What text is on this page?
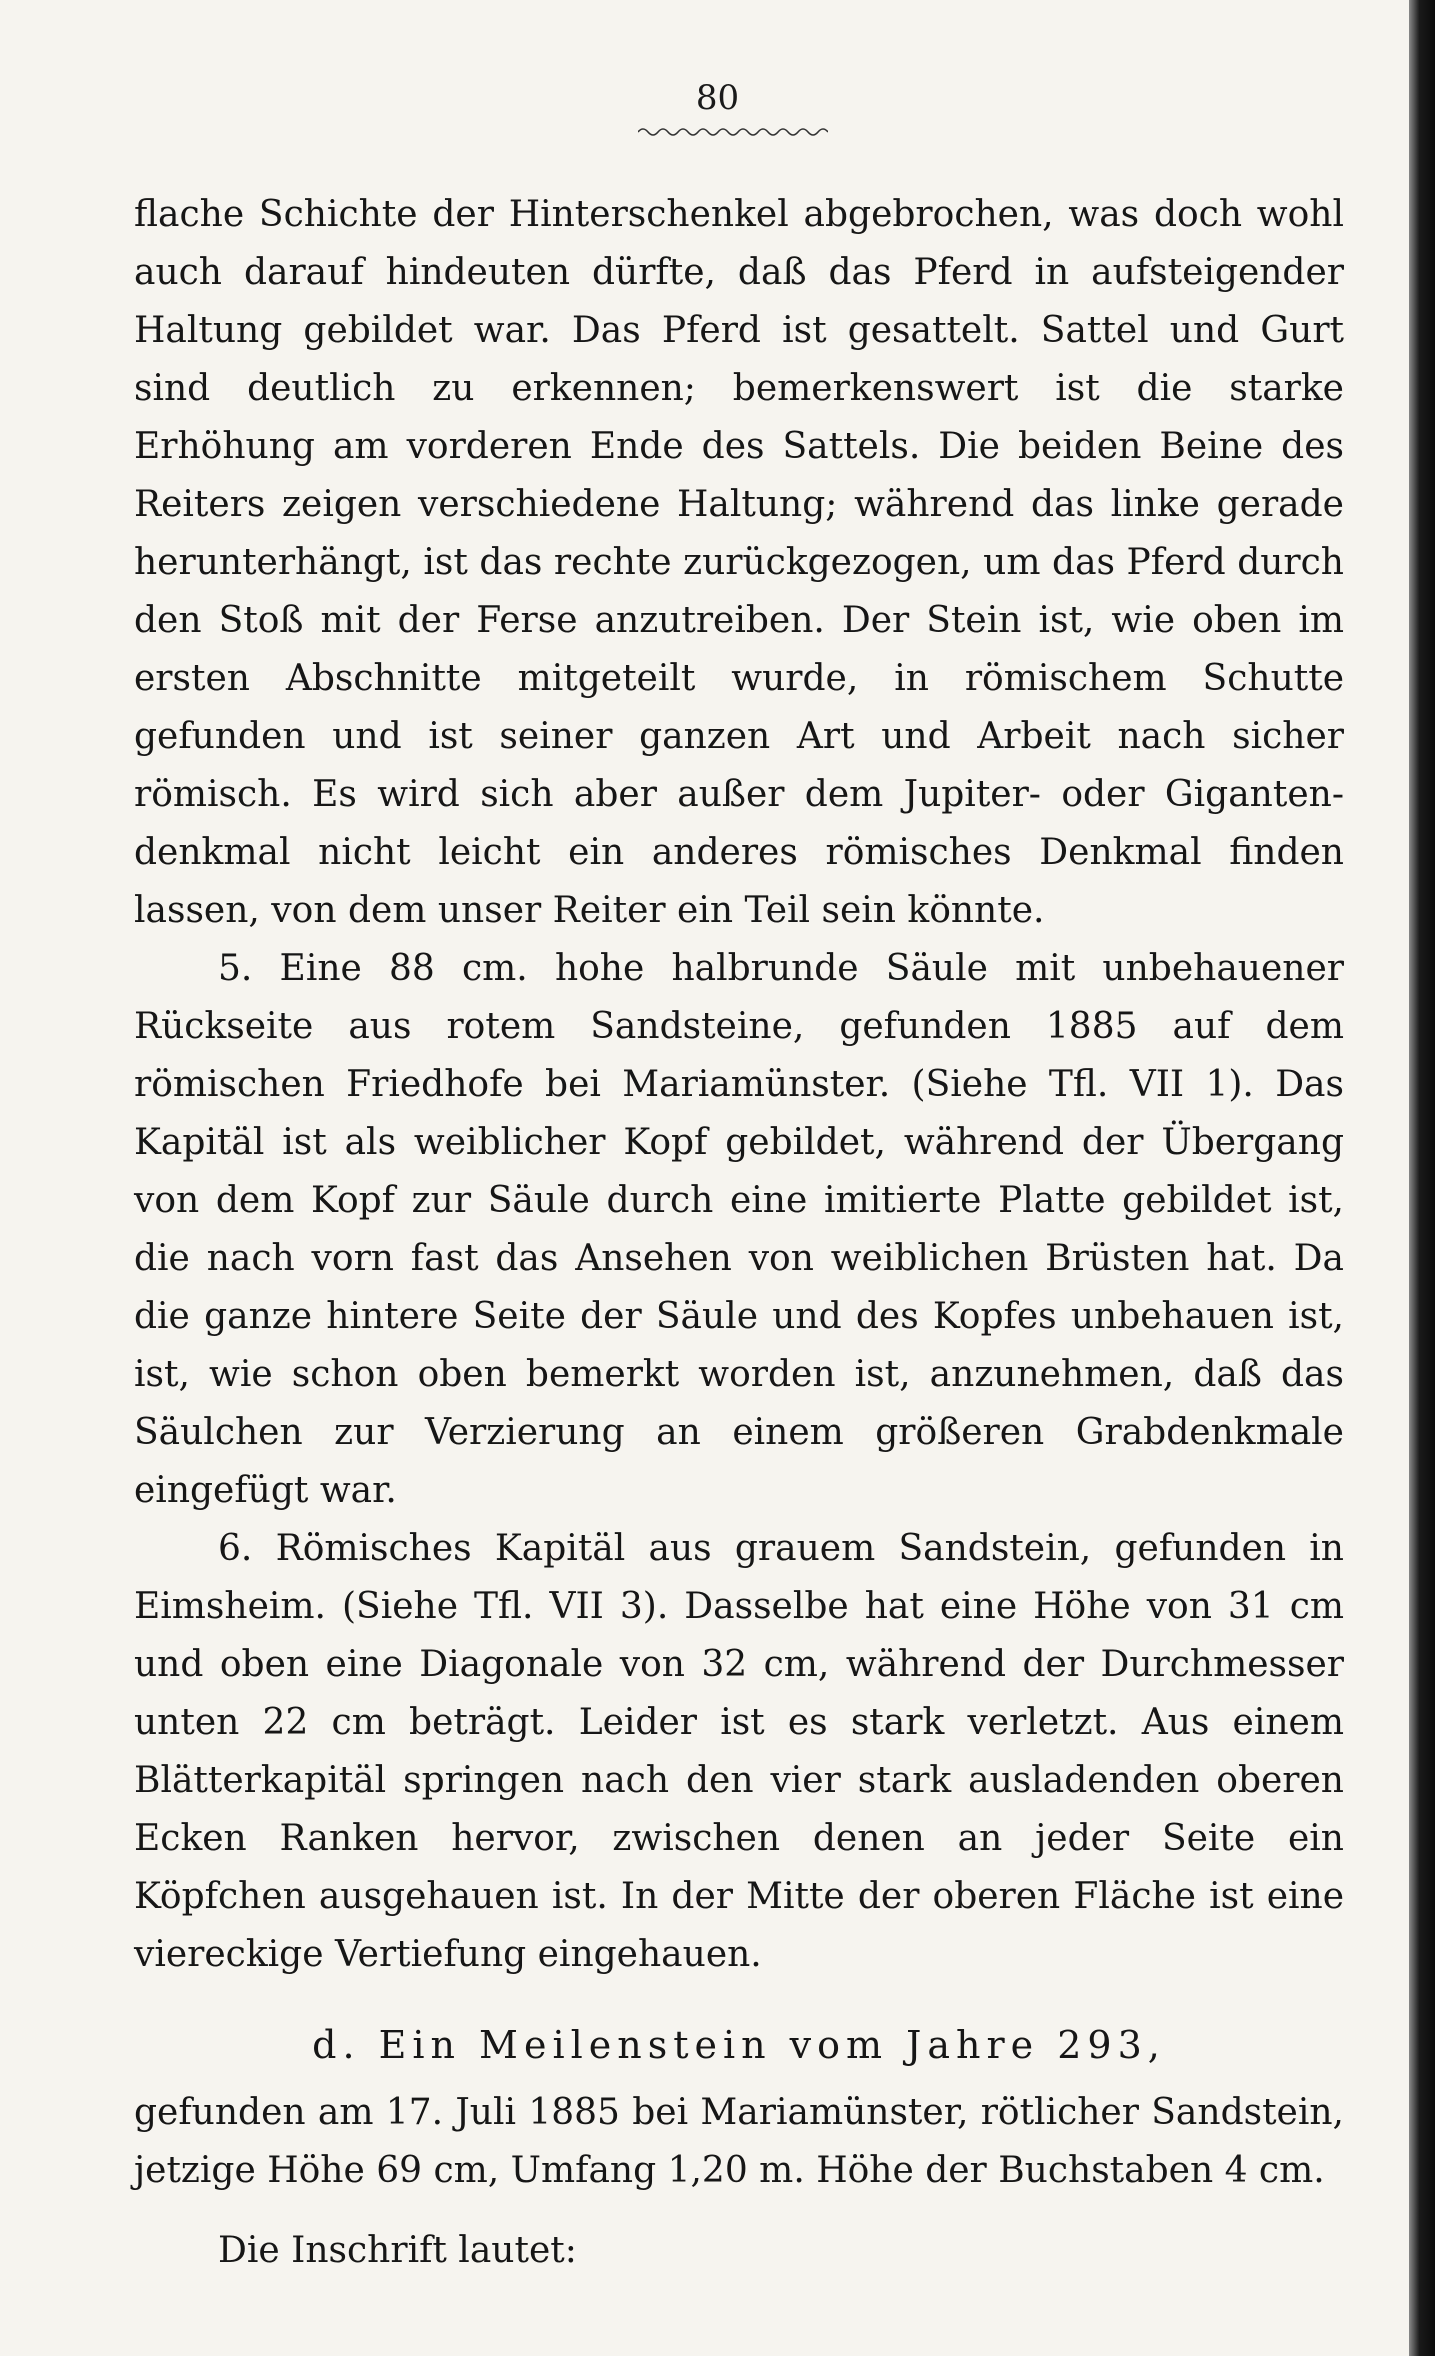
80

flache Schichte der Hinterschenkel abgebrochen, was doch wohl auch darauf hindeuten dürfte, daß das Pferd in aufsteigender Haltung gebildet war. Das Pferd ist gesattelt. Sattel und Gurt sind deutlich zu erkennen; bemerkenswert ist die starke Erhöhung am vorderen Ende des Sattels. Die beiden Beine des Reiters zeigen verschiedene Haltung; während das linke gerade herunterhängt, ist das rechte zurückgezogen, um das Pferd durch den Stoß mit der Ferse anzutreiben. Der Stein ist, wie oben im ersten Abschnitte mitgeteilt wurde, in römischem Schutte gefunden und ist seiner ganzen Art und Arbeit nach sicher römisch. Es wird sich aber außer dem Jupiter- oder Giganten-denkmal nicht leicht ein anderes römisches Denkmal finden lassen, von dem unser Reiter ein Teil sein könnte.

5. Eine 88 cm. hohe halbrunde Säule mit unbehauener Rückseite aus rotem Sandsteine, gefunden 1885 auf dem römischen Friedhofe bei Mariamünster. (Siehe Tfl. VII 1). Das Kapitäl ist als weiblicher Kopf gebildet, während der Übergang von dem Kopf zur Säule durch eine imitierte Platte gebildet ist, die nach vorn fast das Ansehen von weiblichen Brüsten hat. Da die ganze hintere Seite der Säule und des Kopfes unbehauen ist, ist, wie schon oben bemerkt worden ist, anzunehmen, daß das Säulchen zur Verzierung an einem größeren Grabdenkmale eingefügt war.

6. Römisches Kapitäl aus grauem Sandstein, gefunden in Eimsheim. (Siehe Tfl. VII 3). Dasselbe hat eine Höhe von 31 cm und oben eine Diagonale von 32 cm, während der Durchmesser unten 22 cm beträgt. Leider ist es stark verletzt. Aus einem Blätterkapitäl springen nach den vier stark ausladenden oberen Ecken Ranken hervor, zwischen denen an jeder Seite ein Köpfchen ausgehauen ist. In der Mitte der oberen Fläche ist eine viereckige Vertiefung eingehauen.

d. Ein Meilenstein vom Jahre 293,

gefunden am 17. Juli 1885 bei Mariamünster, rötlicher Sandstein, jetzige Höhe 69 cm, Umfang 1,20 m. Höhe der Buchstaben 4 cm.

Die Inschrift lautet:
